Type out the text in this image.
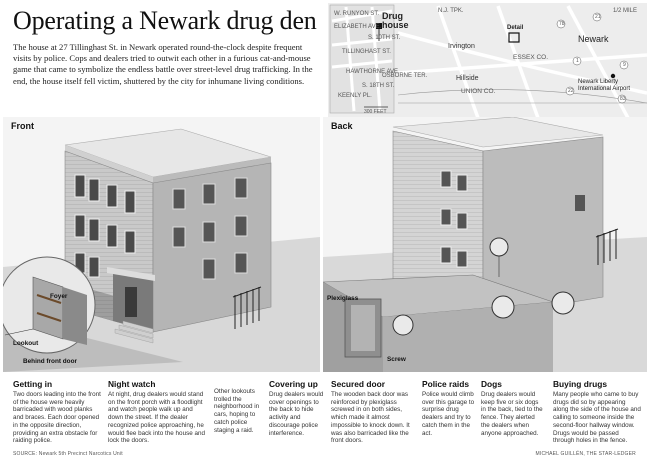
Operating a Newark drug den
The house at 27 Tillinghast St. in Newark operated round-the-clock despite frequent visits by police. Cops and dealers tried to outwit each other in a furious cat-and-mouse game that came to symbolize the endless battle over street-level drug trafficking. In the end, the house itself fell victim, shuttered by the city for inhumane living conditions.
W. RUNYON ST.
ELIZABETH AVE.
TILLINGHAST ST.
HAWTHORNE AVE.
KEENLY PL.
S. 18TH ST.
OSBORNE TER.
S. 10TH ST.
N.J. TPK.
Drug house
300 FEET
1/2 MILE
Detail
Irvington
Newark
Hillside
ESSEX CO.
UNION CO.
Newark Liberty International Airport
21
78
1
9
22
83
Front
Foyer
Lookout
Behind front door
Back
Plexiglass
Screw
Getting in
Two doors leading into the front of the house were heavily barricaded with wood planks and braces. Each door opened in the opposite direction, providing an extra obstacle for raiding police.
Night watch
At night, drug dealers would stand on the front porch with a floodlight and watch people walk up and down the street. If the dealer recognized police approaching, he would flee back into the house and lock the doors.
Other lookouts trolled the neighborhood in cars, hoping to catch police staging a raid.
Covering up
Drug dealers would cover openings to the back to hide activity and discourage police interference.
Secured door
The wooden back door was reinforced by plexiglass screwed in on both sides, which made it almost impossible to knock down. It was also barricaded like the front doors.
Police raids
Police would climb over this garage to surprise drug dealers and try to catch them in the act.
Dogs
Drug dealers would keep five or six dogs in the back, tied to the fence. They alerted the dealers when anyone approached.
Buying drugs
Many people who came to buy drugs did so by appearing along the side of the house and calling to someone inside the second-floor hallway window. Drugs would be passed through holes in the fence.
SOURCE: Newark 5th Precinct Narcotics Unit	MICHAEL GUILLÉN, THE STAR-LEDGER
